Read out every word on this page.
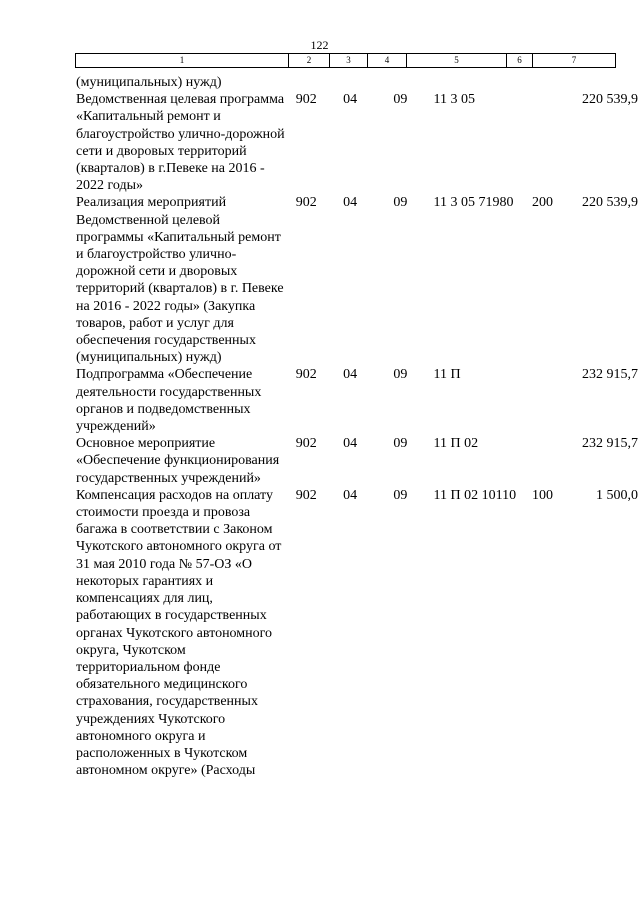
122
1	2	3	4	5	6	7
(муниципальных) нужд)						
Ведомственная целевая программа «Капитальный ремонт и благоустройство улично-дорожной сети и дворовых территорий (кварталов) в г.Певеке на 2016 - 2022 годы»	902	04	09	11 3 05		220 539,9
Реализация мероприятий Ведомственной целевой программы «Капитальный ремонт и благоустройство улично-дорожной сети и дворовых территорий (кварталов) в г. Певеке на 2016 - 2022 годы» (Закупка товаров, работ и услуг для обеспечения государственных (муниципальных) нужд)	902	04	09	11 3 05 71980	200	220 539,9
Подпрограмма «Обеспечение деятельности государственных органов и подведомственных учреждений»	902	04	09	11 П		232 915,7
Основное мероприятие «Обеспечение функционирования государственных учреждений»	902	04	09	11 П 02		232 915,7
Компенсация расходов на оплату стоимости проезда и провоза багажа в соответствии с Законом Чукотского автономного округа от 31 мая 2010 года № 57-ОЗ «О некоторых гарантиях и компенсациях для лиц, работающих в государственных органах Чукотского автономного округа, Чукотском территориальном фонде обязательного медицинского страхования, государственных учреждениях Чукотского автономного округа и расположенных в Чукотском автономном округе» (Расходы	902	04	09	11 П 02 10110	100	1 500,0
